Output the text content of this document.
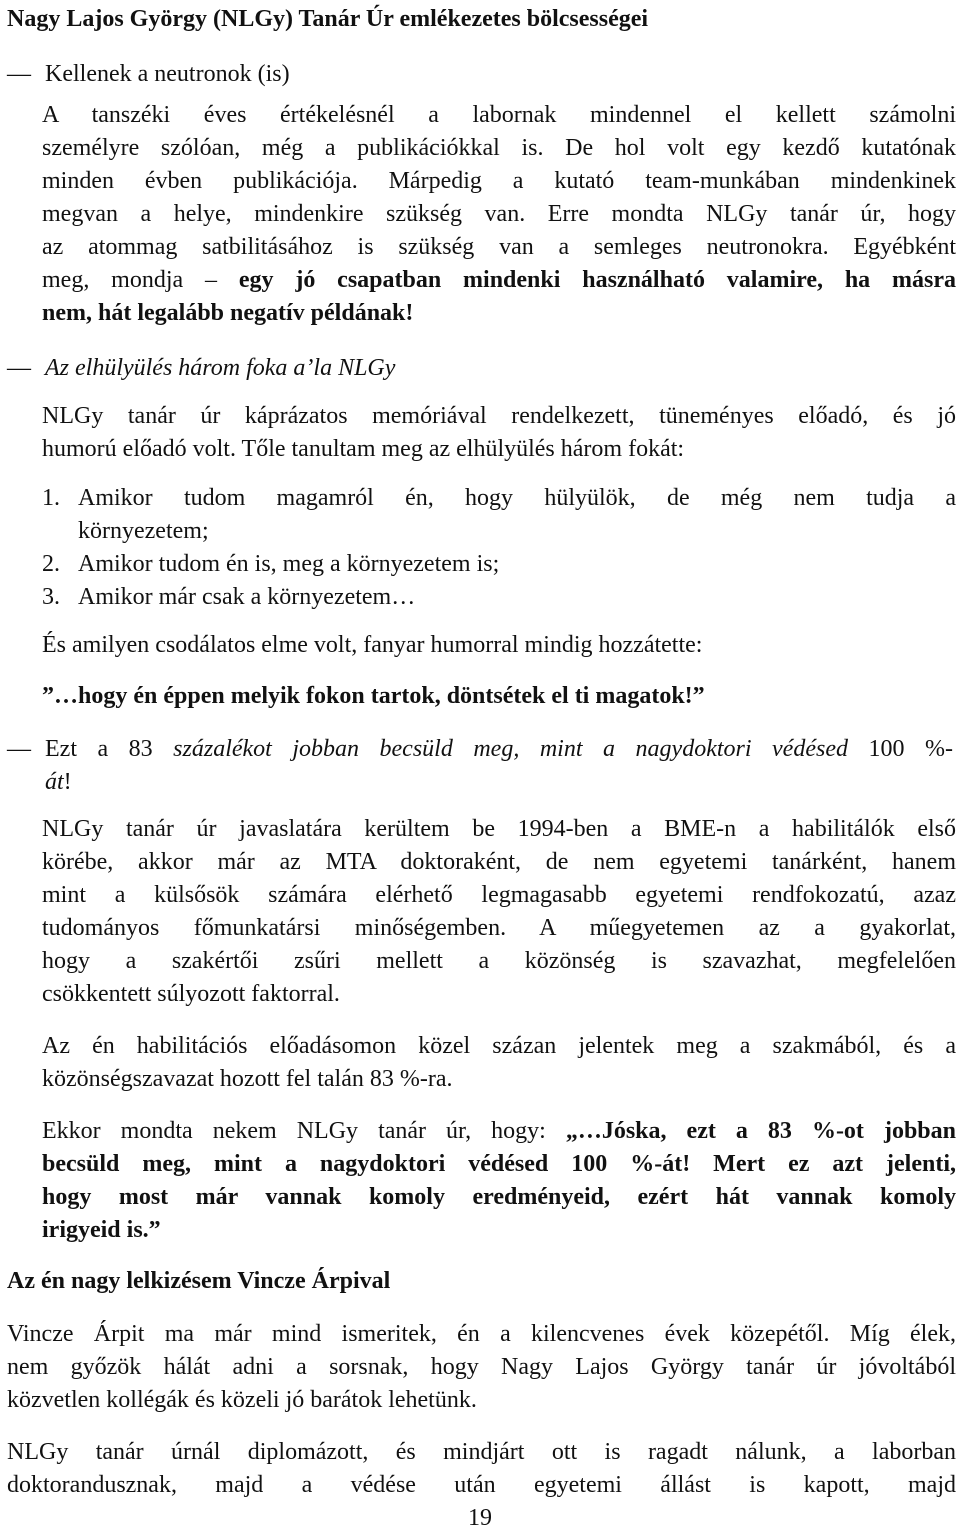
Nagy Lajos György (NLGy) Tanár Úr emlékezetes bölcsességei
— Kellenek a neutronok (is)
A tanszéki éves értékelésnél a labornak mindennel el kellett számolni
személyre szólóan, még a publikációkkal is. De hol volt egy kezdő kutatónak
minden évben publikációja. Márpedig a kutató team-munkában mindenkinek
megvan a helye, mindenkire szükség van. Erre mondta NLGy tanár úr, hogy
az atommag satbilitásához is szükség van a semleges neutronokra. Egyébként
meg, mondja – egy jó csapatban mindenki használható valamire, ha másra
nem, hát legalább negatív példának!
— Az elhülyülés három foka a’la NLGy
NLGy tanár úr káprázatos memóriával rendelkezett, tüneményes előadó, és jó
humorú előadó volt. Tőle tanultam meg az elhülyülés három fokát:
1. Amikor tudom magamról én, hogy hülyülök, de még nem tudja a
környezetem;
2. Amikor tudom én is, meg a környezetem is;
3. Amikor már csak a környezetem…
És amilyen csodálatos elme volt, fanyar humorral mindig hozzátette:
”…hogy én éppen melyik fokon tartok, döntsétek el ti magatok!”
— Ezt a 83 százalékot jobban becsüld meg, mint a nagydoktori védésed 100 %-
át!
NLGy tanár úr javaslatára kerültem be 1994-ben a BME-n a habilitálók első
körébe, akkor már az MTA doktoraként, de nem egyetemi tanárként, hanem
mint a külsősök számára elérhető legmagasabb egyetemi rendfokozatú, azaz
tudományos főmunkatársi minőségemben. A műegyetemen az a gyakorlat,
hogy a szakértői zsűri mellett a közönség is szavazhat, megfelelően
csökkentett súlyozott faktorral.
Az én habilitációs előadásomon közel százan jelentek meg a szakmából, és a
közönségszavazat hozott fel talán 83 %-ra.
Ekkor mondta nekem NLGy tanár úr, hogy: „…Jóska, ezt a 83 %-ot jobban
becsüld meg, mint a nagydoktori védésed 100 %-át! Mert ez azt jelenti,
hogy most már vannak komoly eredményeid, ezért hát vannak komoly
irigyeid is.”
Az én nagy lelkizésem Vincze Árpival
Vincze Árpit ma már mind ismeritek, én a kilencvenes évek közepétől. Míg élek,
nem győzök hálát adni a sorsnak, hogy Nagy Lajos György tanár úr jóvoltából
közvetlen kollégák és közeli jó barátok lehetünk.
NLGy tanár úrnál diplomázott, és mindjárt ott is ragadt nálunk, a laborban
doktorandusznak, majd a védése után egyetemi állást is kapott, majd
19
